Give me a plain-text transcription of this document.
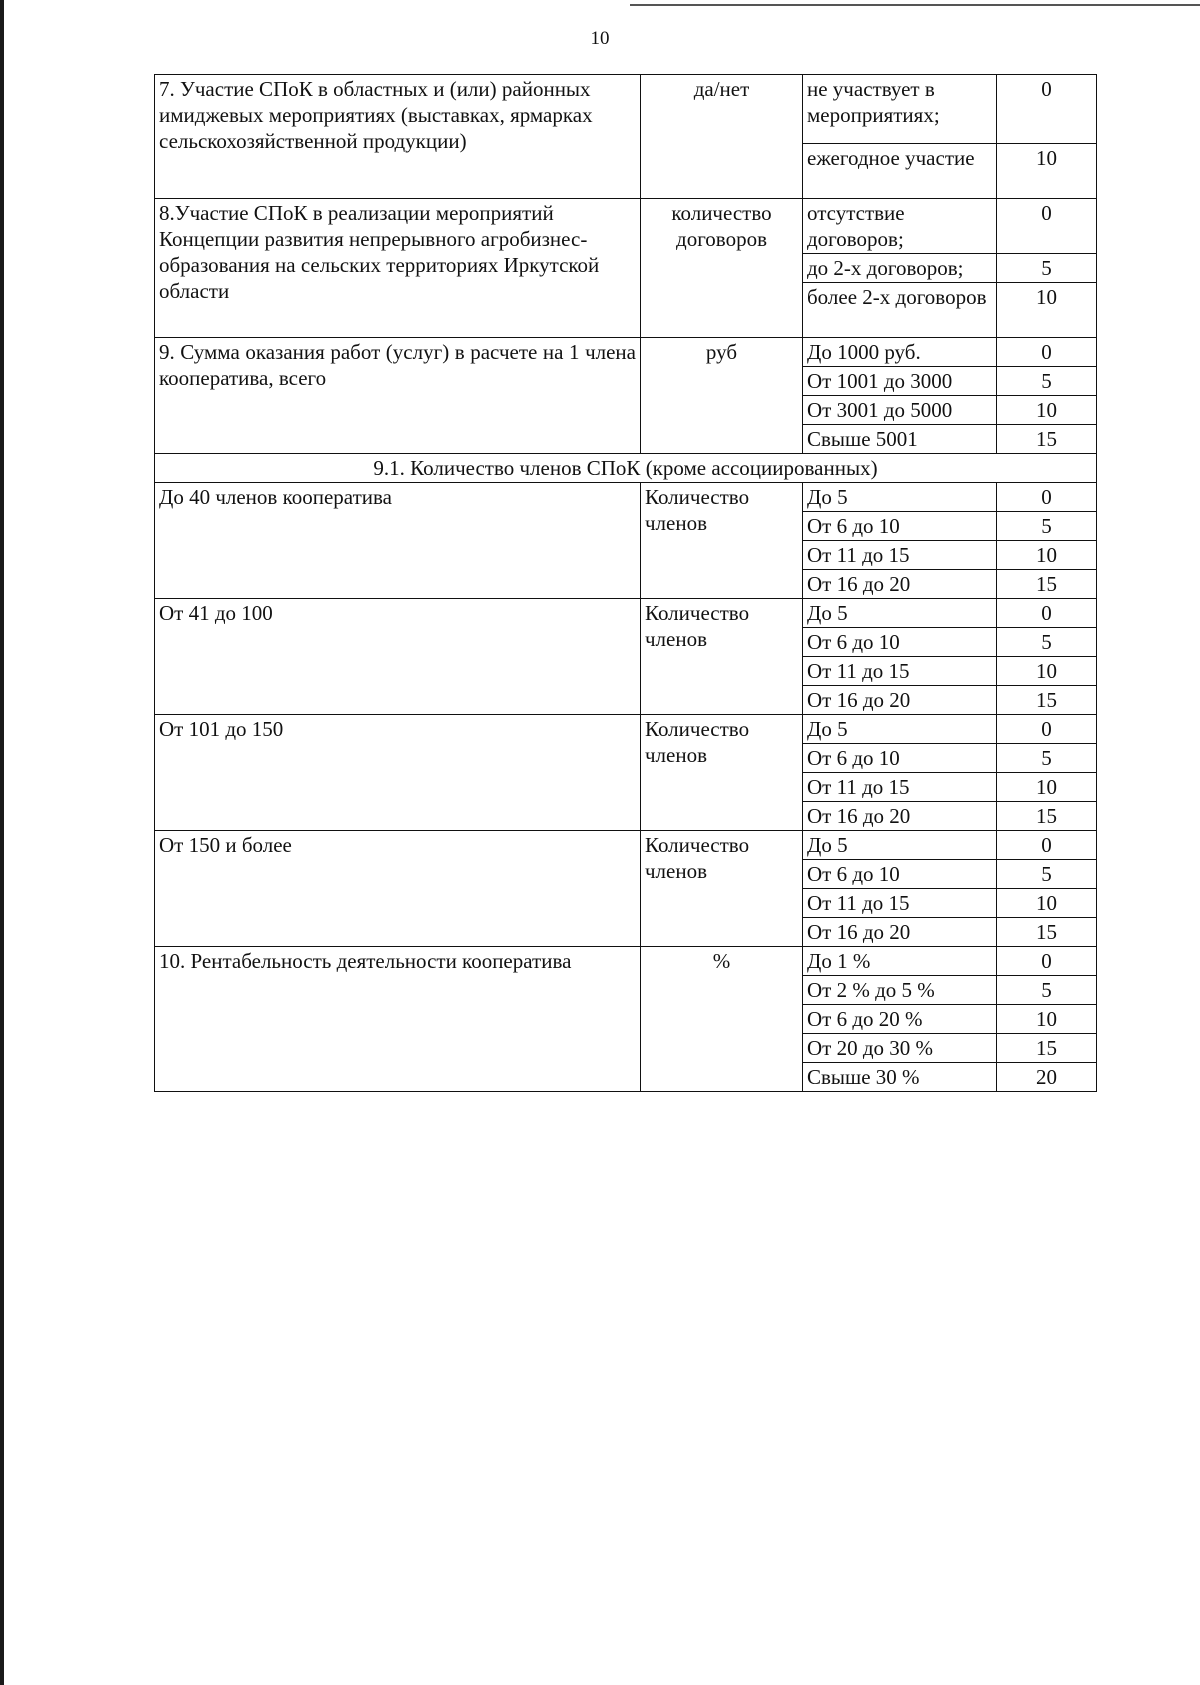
10
7. Участие СПоК в областных и (или) районных имиджевых мероприятиях (выставках, ярмарках сельскохозяйственной продукции)	да/нет	не участвует в мероприятиях;	0
		ежегодное участие	10
8.Участие СПоК в реализации мероприятий Концепции развития непрерывного агробизнес-образования на сельских территориях Иркутской области	количество договоров	отсутствие договоров;	0
		до 2-х договоров;	5
		более 2-х договоров	10
9. Сумма оказания работ (услуг) в расчете на 1 члена кооператива, всего	руб	До 1000 руб.	0
		От 1001 до 3000	5
		От 3001 до 5000	10
		Свыше 5001	15
9.1. Количество членов СПоК (кроме ассоциированных)			
До 40 членов кооператива	Количество членов	До 5	0
		От 6 до 10	5
		От 11 до 15	10
		От 16 до 20	15
От 41 до 100	Количество членов	До 5	0
		От 6 до 10	5
		От 11 до 15	10
		От 16 до 20	15
От 101 до 150	Количество членов	До 5	0
		От 6 до 10	5
		От 11 до 15	10
		От 16 до 20	15
От 150 и более	Количество членов	До 5	0
		От 6 до 10	5
		От 11 до 15	10
		От 16 до 20	15
10. Рентабельность деятельности кооператива	%	До 1 %	0
		От 2 % до 5 %	5
		От 6 до 20 %	10
		От 20 до 30 %	15
		Свыше 30 %	20
